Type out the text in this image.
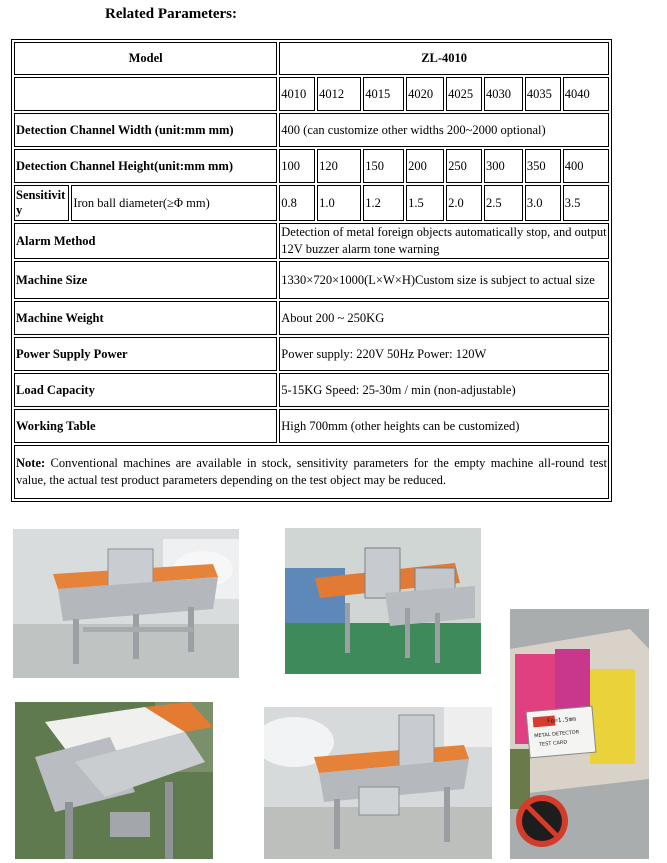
Related Parameters:
Model		ZL-4010							
		4010	4012	4015	4020	4025	4030	4035	4040
Detection Channel Width (unit:mm mm)		400 (can customize other widths 200~2000 optional)							
Detection Channel Height(unit:mm mm)		100	120	150	200	250	300	350	400
Sensitivity	Iron ball diameter(≥Φ mm)	0.8	1.0	1.2	1.5	2.0	2.5	3.0	3.5
Alarm Method		Detection of metal foreign objects automatically stop, and output 12V buzzer alarm tone warning							
Machine Size		1330×720×1000(L×W×H)Custom size is subject to actual size							
Machine Weight		About 200 ~ 250KG							
Power Supply Power		Power supply: 220V 50Hz Power: 120W							
Load Capacity		5-15KG Speed: 25-30m / min (non-adjustable)							
Working Table		High 700mm (other heights can be customized)							
Note: Conventional machines are available in stock, sensitivity parameters for the empty machine all-round test value, the actual test product parameters depending on the test object may be reduced.									
Fe=1.5mm
METAL DETECTOR
TEST CARD
